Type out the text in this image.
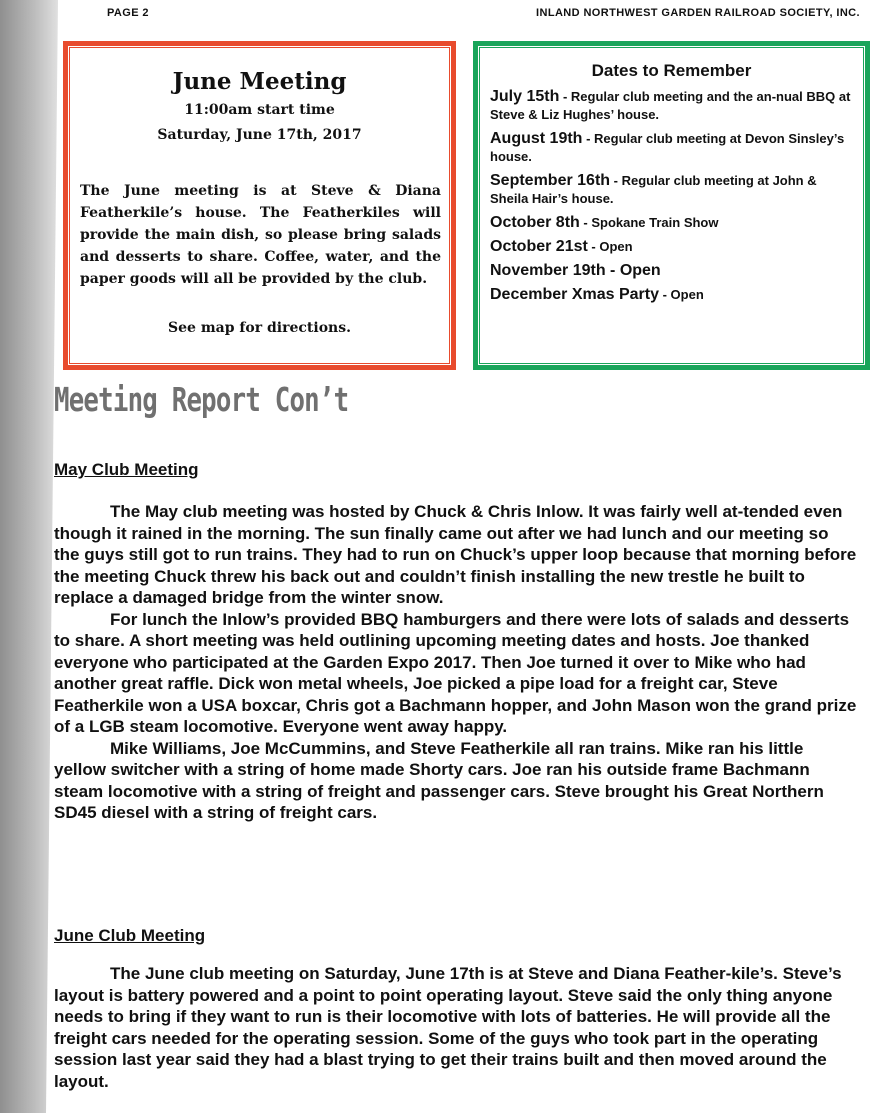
PAGE 2	INLAND NORTHWEST GARDEN RAILROAD SOCIETY, INC.
June Meeting
11:00am start time
Saturday, June 17th, 2017
The June meeting is at Steve & Diana Featherkile’s house. The Featherkiles will provide the main dish, so please bring salads and desserts to share. Coffee, water, and the paper goods will all be provided by the club.
See map for directions.
Dates to Remember
July 15th - Regular club meeting and the an-nual BBQ at Steve & Liz Hughes’ house.
August 19th - Regular club meeting at Devon Sinsley’s house.
September 16th - Regular club meeting at John & Sheila Hair’s house.
October 8th - Spokane Train Show
October 21st - Open
November 19th - Open
December Xmas Party - Open
Meeting Report Con’t
May Club Meeting

The May club meeting was hosted by Chuck & Chris Inlow. It was fairly well at-tended even though it rained in the morning. The sun finally came out after we had lunch and our meeting so the guys still got to run trains. They had to run on Chuck’s upper loop because that morning before the meeting Chuck threw his back out and couldn’t finish installing the new trestle he built to replace a damaged bridge from the winter snow.

For lunch the Inlow’s provided BBQ hamburgers and there were lots of salads and desserts to share. A short meeting was held outlining upcoming meeting dates and hosts. Joe thanked everyone who participated at the Garden Expo 2017. Then Joe turned it over to Mike who had another great raffle. Dick won metal wheels, Joe picked a pipe load for a freight car, Steve Featherkile won a USA boxcar, Chris got a Bachmann hopper, and John Mason won the grand prize of a LGB steam locomotive. Everyone went away happy.

Mike Williams, Joe McCummins, and Steve Featherkile all ran trains. Mike ran his little yellow switcher with a string of home made Shorty cars. Joe ran his outside frame Bachmann steam locomotive with a string of freight and passenger cars. Steve brought his Great Northern SD45 diesel with a string of freight cars.

June Club Meeting

The June club meeting on Saturday, June 17th is at Steve and Diana Feather-kile’s. Steve’s layout is battery powered and a point to point operating layout. Steve said the only thing anyone needs to bring if they want to run is their locomotive with lots of batteries. He will provide all the freight cars needed for the operating session. Some of the guys who took part in the operating session last year said they had a blast trying to get their trains built and then moved around the layout.
